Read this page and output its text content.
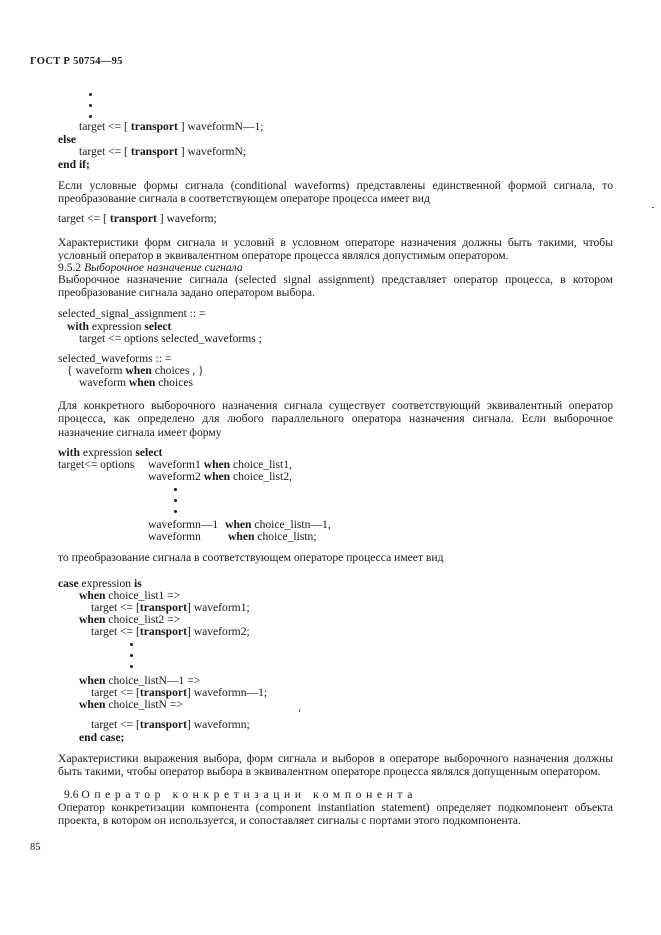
ГОСТ Р 50754—95
target <= [ transport ] waveformN—1;
else
target <= [ transport ] waveformN;
end if;
Если условные формы сигнала (conditional waveforms) представлены единственной формой сигнала, то преобразование сигнала в соответствующем операторе процесса имеет вид
target <= [ transport ] waveform;
Характеристики форм сигнала и условий в условном операторе назначения должны быть такими, чтобы условный оператор в эквивалентном операторе процесса являлся допустимым оператором.
9.5.2 Выборочное назначение сигнала
Выборочное назначение сигнала (selected signal assignment) представляет оператор процесса, в котором преобразование сигнала задано оператором выбора.
selected_signal_assignment :: =
with expression select
target <= options selected_waveforms ;
selected_waveforms :: =
{ waveform when choices , }
waveform when choices
Для конкретного выборочного назначения сигнала существует соответствующий эквивалентный оператор процесса, как определено для любого параллельного оператора назначения сигнала. Если выборочное назначение сигнала имеет форму
with expression select
target<= options waveform1 when choice_list1,
waveform2 when choice_list2,
waveformn—1 when choice_listn—1,
waveformn when choice_listn;
то преобразование сигнала в соответствующем операторе процесса имеет вид
case expression is
when choice_list1 =>
target <= [transport] waveform1;
when choice_list2 =>
target <= [transport] waveform2;
when choice_listN—1 =>
target <= [transport] waveformn—1;
when choice_listN =>
target <= [transport] waveformn;
end case;
Характеристики выражения выбора, форм сигнала и выборов в операторе выборочного назначения должны быть такими, чтобы оператор выбора в эквивалентном операторе процесса являлся допущенным оператором.
9.6 Оператор конкретизации компонента
Оператор конкретизации компонента (component instantiation statement) определяет подкомпонент объекта проекта, в котором он используется, и сопоставляет сигналы с портами этого подкомпонента.
85
